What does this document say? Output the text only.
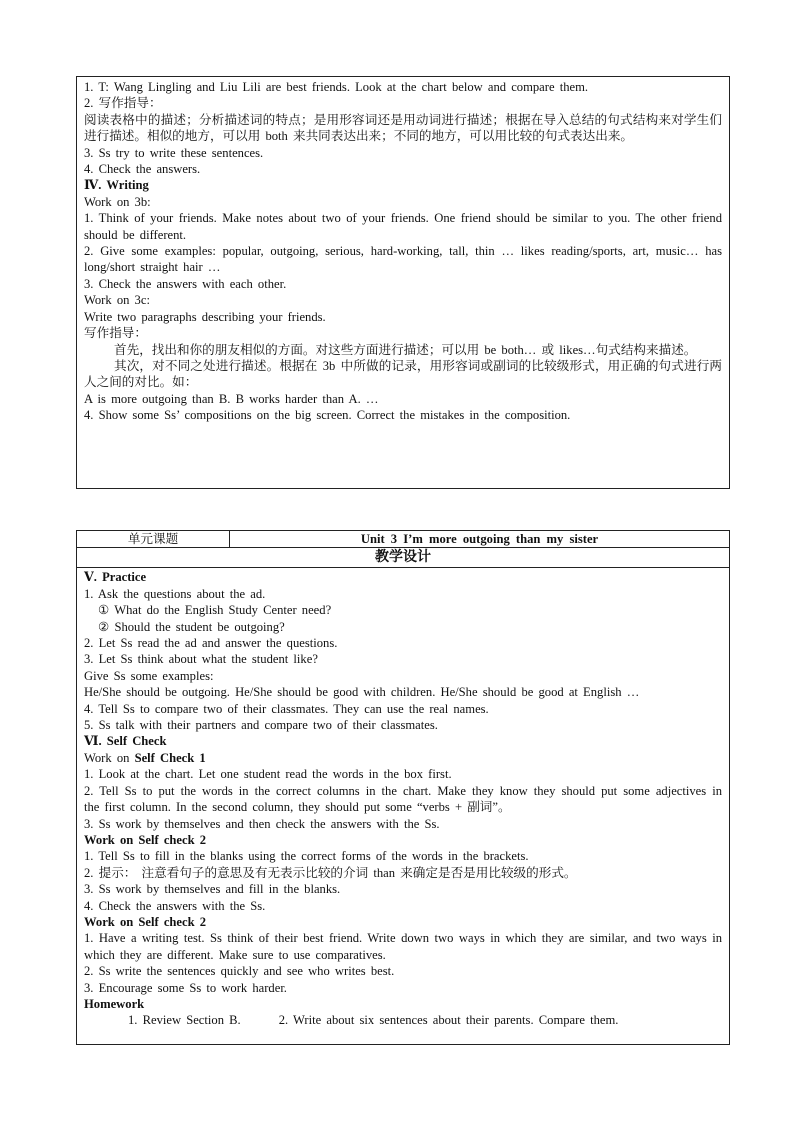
1. T: Wang Lingling and Liu Lili are best friends. Look at the chart below and compare them.
2. 写作指导：
阅读表格中的描述；分析描述词的特点；是用形容词还是用动词进行描述；根据在导入总结的句式结构来对学生们进行描述。相似的地方，可以用 both 来共同表达出来；不同的地方，可以用比较的句式表达出来。
3. Ss try to write these sentences.
4. Check the answers.
Ⅳ. Writing
Work on 3b:
1. Think of your friends. Make notes about two of your friends. One friend should be similar to you. The other friend should be different.
2. Give some examples: popular, outgoing, serious, hard-working, tall, thin … likes reading/sports, art, music… has long/short straight hair …
3. Check the answers with each other.
Work on 3c:
Write two paragraphs describing your friends.
写作指导：
首先，找出和你的朋友相似的方面。对这些方面进行描述；可以用 be both… 或 likes…句式结构来描述。
其次，对不同之处进行描述。根据在 3b 中所做的记录，用形容词或副词的比较级形式，用正确的句式进行两人之间的对比。如：
A is more outgoing than B. B works harder than A. …
4. Show some Ss’ compositions on the big screen. Correct the mistakes in the composition.
单元课题	Unit 3 I’m more outgoing than my sister
教学设计
Ⅴ. Practice
1. Ask the questions about the ad.
① What do the English Study Center need?
② Should the student be outgoing?
2. Let Ss read the ad and answer the questions.
3. Let Ss think about what the student like?
Give Ss some examples:
He/She should be outgoing. He/She should be good with children. He/She should be good at English …
4. Tell Ss to compare two of their classmates. They can use the real names.
5. Ss talk with their partners and compare two of their classmates.
Ⅵ. Self Check
Work on Self Check 1
1. Look at the chart. Let one student read the words in the box first.
2. Tell Ss to put the words in the correct columns in the chart. Make they know they should put some adjectives in the first column. In the second column, they should put some “verbs + 副词”。
3. Ss work by themselves and then check the answers with the Ss.
Work on Self check 2
1. Tell Ss to fill in the blanks using the correct forms of the words in the brackets.
2. 提示： 注意看句子的意思及有无表示比较的介词 than 来确定是否是用比较级的形式。
3. Ss work by themselves and fill in the blanks.
4. Check the answers with the Ss.
Work on Self check 2
1. Have a writing test. Ss think of their best friend. Write down two ways in which they are similar, and two ways in which they are different. Make sure to use comparatives.
2. Ss write the sentences quickly and see who writes best.
3. Encourage some Ss to work harder.
Homework
1. Review Section B.	2. Write about six sentences about their parents. Compare them.
